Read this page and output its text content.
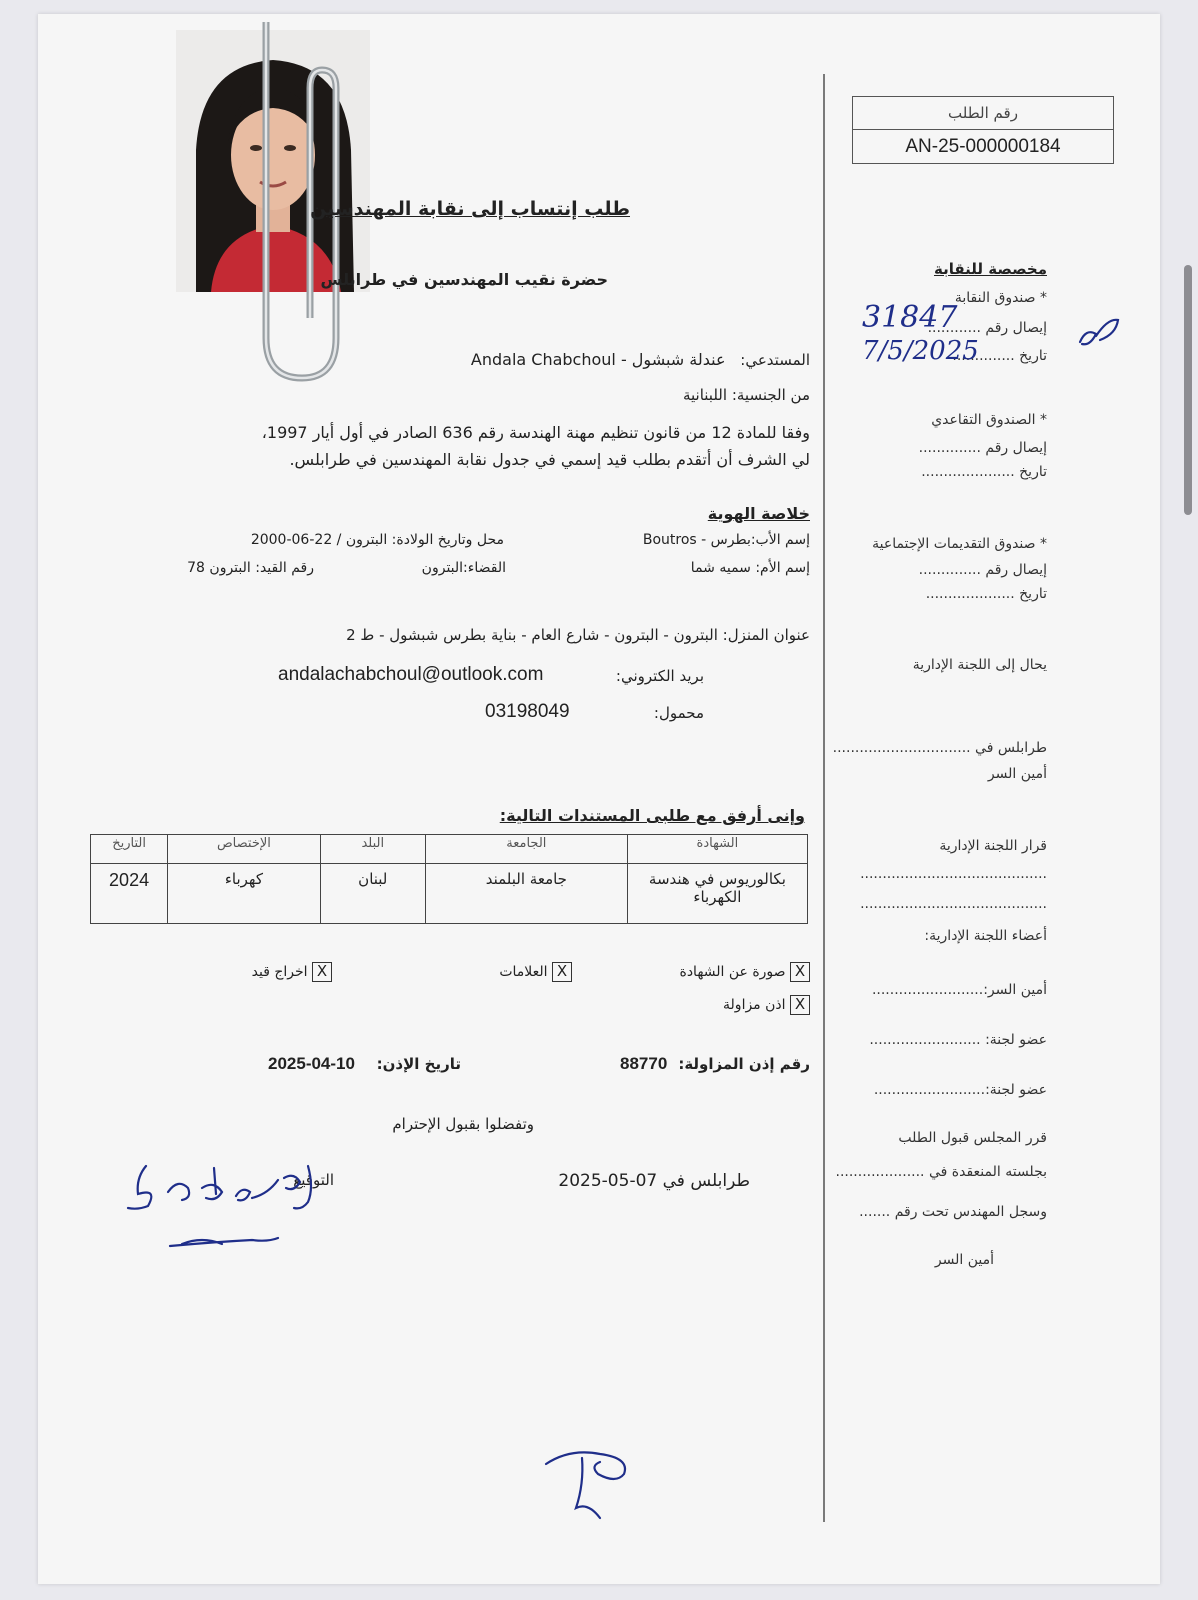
رقم الطلب
AN-25-000000184
طلب إنتساب إلى نقابة المهندسين
حضرة نقيب المهندسين في طرابلس
المستدعي: عندلة شبشول - Andala Chabchoul
من الجنسية: اللبنانية
وفقا للمادة 12 من قانون تنظيم مهنة الهندسة رقم 636 الصادر في أول أيار 1997،
لي الشرف أن أتقدم بطلب قيد إسمي في جدول نقابة المهندسين في طرابلس.
خلاصة الهوية
إسم الأب:بطرس - Boutros
محل وتاريخ الولادة: البترون / 22-06-2000
إسم الأم: سميه شما
القضاء:البترون
رقم القيد: البترون 78
عنوان المنزل: البترون - البترون - شارع العام - بناية بطرس شبشول - ط 2
بريد الكتروني:
andalachabchoul@outlook.com
محمول:
03198049
وإنى أرفق مع طلبى المستندات التالية:
الشهادة	الجامعة	البلد	الإختصاص	التاريخ

بكالوريوس في هندسة
الكهرباء	جامعة البلمند	لبنان	كهرباء	2024
X صورة عن الشهادة
X العلامات
X اخراج قيد
X اذن مزاولة
رقم إذن المزاولة:
88770
تاريخ الإذن:
2025-04-10
وتفضلوا بقبول الإحترام
طرابلس في 07-05-2025
التوقيع
مخصصة للنقابة
* صندوق النقابة
إيصال رقم ............
تاريخ ..............
31847
7/5/2025
* الصندوق التقاعدي
إيصال رقم ..............
تاريخ .....................
* صندوق التقديمات الإجتماعية
إيصال رقم ..............
تاريخ ....................
يحال إلى اللجنة الإدارية
طرابلس في ...............................
أمين السر
قرار اللجنة الإدارية
..........................................
..........................................
أعضاء اللجنة الإدارية:
أمين السر:.........................
عضو لجنة: .........................
عضو لجنة:.........................
قرر المجلس قبول الطلب
بجلسته المنعقدة في ....................
وسجل المهندس تحت رقم .......
أمين السر
